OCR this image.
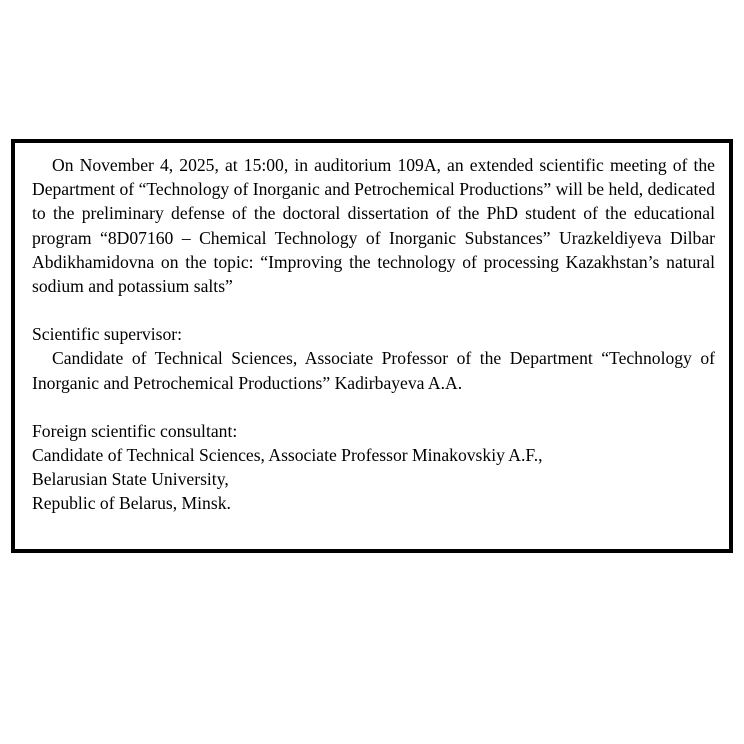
On November 4, 2025, at 15:00, in auditorium 109A, an extended scientific meeting of the Department of “Technology of Inorganic and Petrochemical Productions” will be held, dedicated to the preliminary defense of the doctoral dissertation of the PhD student of the educational program “8D07160 – Chemical Technology of Inorganic Substances” Urazkeldiyeva Dilbar Abdikhamidovna on the topic: “Improving the technology of processing Kazakhstan’s natural sodium and potassium salts”

Scientific supervisor:

Candidate of Technical Sciences, Associate Professor of the Department “Technology of Inorganic and Petrochemical Productions” Kadirbayeva A.A.

Foreign scientific consultant:

Candidate of Technical Sciences, Associate Professor Minakovskiy A.F.,

Belarusian State University,

Republic of Belarus, Minsk.
